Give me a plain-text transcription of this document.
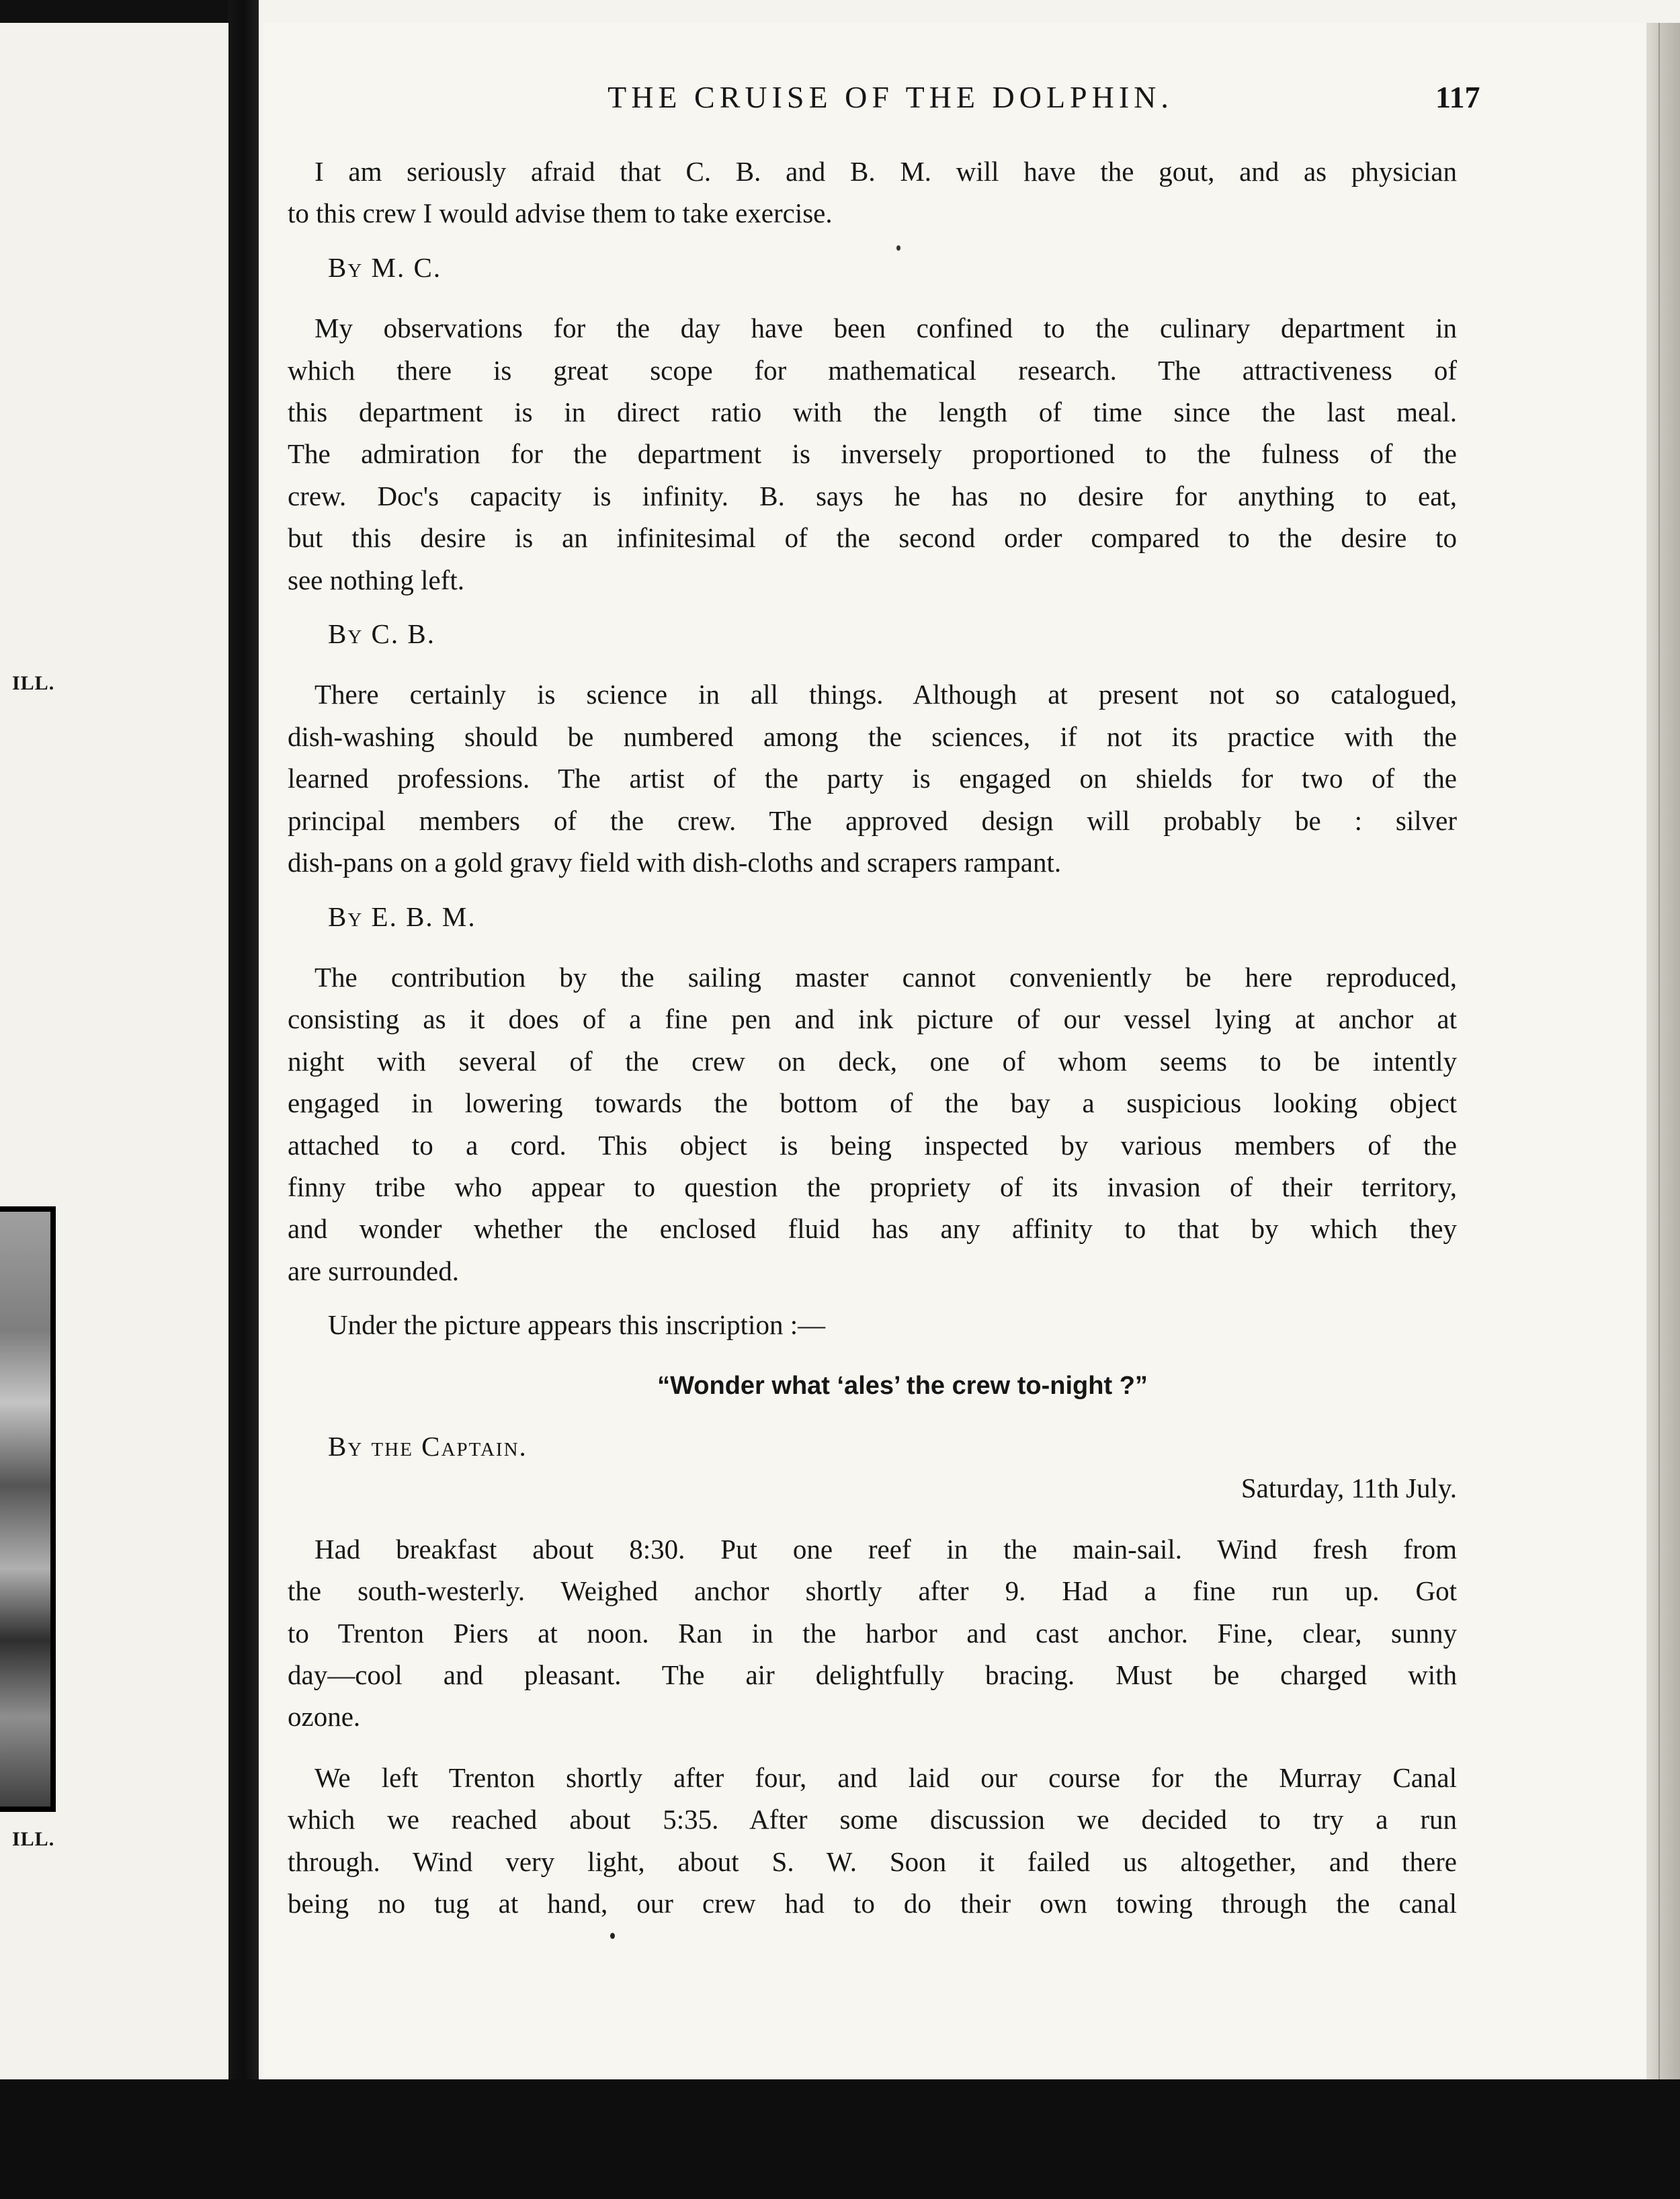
ILL.
ILL.
THE CRUISE OF THE DOLPHIN.	117

I am seriously afraid that C. B. and B. M. will have the gout, and as physician

to this crew I would advise them to take exercise.

By M. C.

My observations for the day have been confined to the culinary department in

which there is great scope for mathematical research. The attractiveness of

this department is in direct ratio with the length of time since the last meal.

The admiration for the department is inversely proportioned to the fulness of the

crew. Doc's capacity is infinity. B. says he has no desire for anything to eat,

but this desire is an infinitesimal of the second order compared to the desire to

see nothing left.

By C. B.

There certainly is science in all things. Although at present not so catalogued,

dish-washing should be numbered among the sciences, if not its practice with the

learned professions. The artist of the party is engaged on shields for two of the

principal members of the crew. The approved design will probably be : silver

dish-pans on a gold gravy field with dish-cloths and scrapers rampant.

By E. B. M.

The contribution by the sailing master cannot conveniently be here reproduced,

consisting as it does of a fine pen and ink picture of our vessel lying at anchor at

night with several of the crew on deck, one of whom seems to be intently

engaged in lowering towards the bottom of the bay a suspicious looking object

attached to a cord. This object is being inspected by various members of the

finny tribe who appear to question the propriety of its invasion of their territory,

and wonder whether the enclosed fluid has any affinity to that by which they

are surrounded.

Under the picture appears this inscription :—

“Wonder what ‘ales’ the crew to-night ?”

By the Captain.

Saturday, 11th July.

Had breakfast about 8:30. Put one reef in the main-sail. Wind fresh from

the south-westerly. Weighed anchor shortly after 9. Had a fine run up. Got

to Trenton Piers at noon. Ran in the harbor and cast anchor. Fine, clear, sunny

day—cool and pleasant. The air delightfully bracing. Must be charged with

ozone.

We left Trenton shortly after four, and laid our course for the Murray Canal

which we reached about 5:35. After some discussion we decided to try a run

through. Wind very light, about S. W. Soon it failed us altogether, and there

being no tug at hand, our crew had to do their own towing through the canal
